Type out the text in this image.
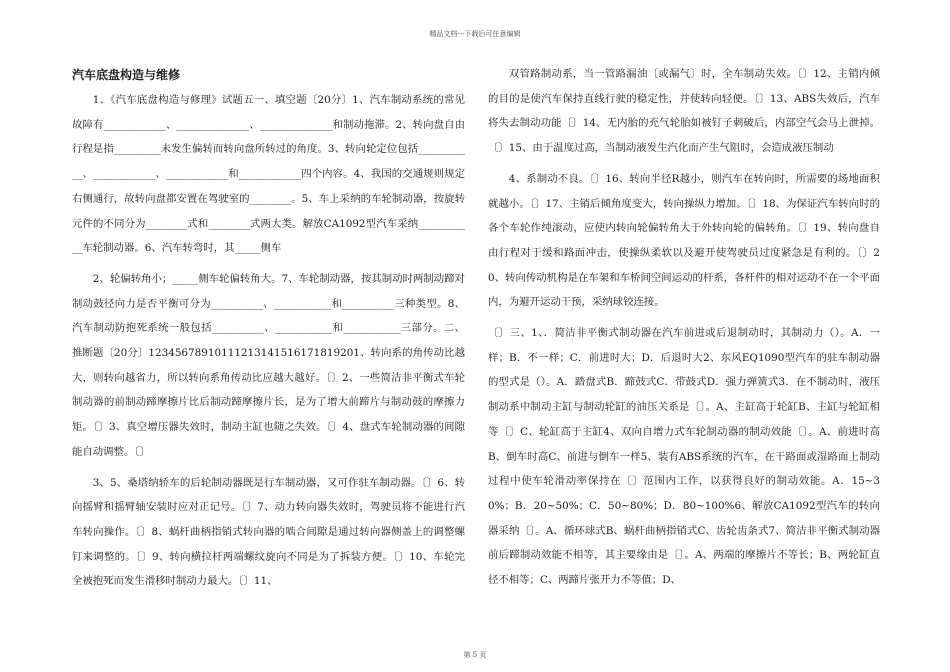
精品文档---下载后可任意编辑

汽车底盘构造与维修

1、《汽车底盘构造与修理》试题五一、填空题〔20分〕1、汽车制动系统的常见故障有____________、______________、______________和制动拖滞。2、转向盘自由行程是指_________未发生偏转而转向盘所转过的角度。3、转向轮定位包括___________、____________、____________和____________四个内容。4、我国的交通规则规定右侧通行，故转向盘都安置在驾驶室的________。5、车上采纳的车轮制动器，按旋转元件的不同分为________式和________式两大类。解放CA1092型汽车采纳___________车轮制动器。6、汽车转弯时，其_____侧车

2、轮偏转角小；_____侧车轮偏转角大。7、车轮制动器，按其制动时两制动蹄对制动鼓径向力是否平衡可分为__________、___________和__________三种类型。8、汽车制动防抱死系统一般包括__________、___________和___________三部分。二、推断题〔20分〕12345678910111213141516171819201、转向系的角传动比越大，则转向越省力，所以转向系角传动比应越大越好。〔〕2、一些简洁非平衡式车轮制动器的前制动蹄摩擦片比后制动蹄摩擦片长，是为了增大前蹄片与制动鼓的摩擦力矩。〔〕3、真空增压器失效时，制动主缸也随之失效。〔〕4、盘式车轮制动器的间隙能自动调整。〔〕

3、5、桑塔纳轿车的后轮制动器既是行车制动器，又可作驻车制动器。〔〕6、转向摇臂和摇臂轴安装时应对正记号。〔〕7、动力转向器失效时，驾驶员将不能进行汽车转向操作。〔〕8、蜗杆曲柄指销式转向器的啮合间隙是通过转向器侧盖上的调整螺钉来调整的。〔〕9、转向横拉杆两端螺纹旋向不同是为了拆装方便。〔〕10、车轮完全被抱死而发生滑移时制动力最大。〔〕11、

双管路制动系，当一管路漏油〔或漏气〕时，全车制动失效。〔〕12、主销内倾的目的是使汽车保持直线行驶的稳定性，并使转向轻便。〔〕13、ABS失效后，汽车将失去制动功能〔〕14、无内胎的充气轮胎如被钉子刺破后，内部空气会马上泄掉。〔〕15、由于温度过高，当制动液发生汽化而产生气阻时，会造成液压制动

4、系制动不良。〔〕16、转向半径R越小，则汽车在转向时，所需要的场地面积就越小。〔〕17、主销后倾角度变大，转向操纵力增加。〔〕18、为保证汽车转向时的各个车轮作纯滚动，应使内转向轮偏转角大于外转向轮的偏转角。〔〕19、转向盘自由行程对于缓和路面冲击，使操纵柔软以及避开使驾驶员过度紧急是有利的。〔〕20、转向传动机构是在车架和车桥间空间运动的杆系，各杆件的相对运动不在一个平面内，为避开运动干预，采纳球铰连接。

〔〕三、1、．简洁非平衡式制动器在汽车前进或后退制动时，其制动力（）。A．一样；B．不一样；C．前进时大；D．后退时大2、东风EQ1090型汽车的驻车制动器的型式是（）。A．踏盘式B．蹄鼓式C．带鼓式D．强力弹簧式3．在不制动时，液压制动系中制动主缸与制动轮缸的油压关系是〔〕。A、主缸高于轮缸B、主缸与轮缸相等〔〕C、轮缸高于主缸4、双向自增力式车轮制动器的制动效能〔〕。A、前进时高B、倒车时高C、前进与倒车一样5、装有ABS系统的汽车，在干路面或湿路面上制动过程中使车轮滑动率保持在〔〕范围内工作，以获得良好的制动效能。A．15~30%；B．20~50%；C．50~80%；D．80~100%6、解放CA1092型汽车的转向器采纳〔〕。A、循环球式B、蜗杆曲柄指销式C、齿轮齿条式7、简洁非平衡式制动器前后蹄制动效能不相等，其主要缘由是〔〕。A、两端的摩擦片不等长；B、两轮缸直径不相等；C、两蹄片张开力不等值；D、

第 5 页
